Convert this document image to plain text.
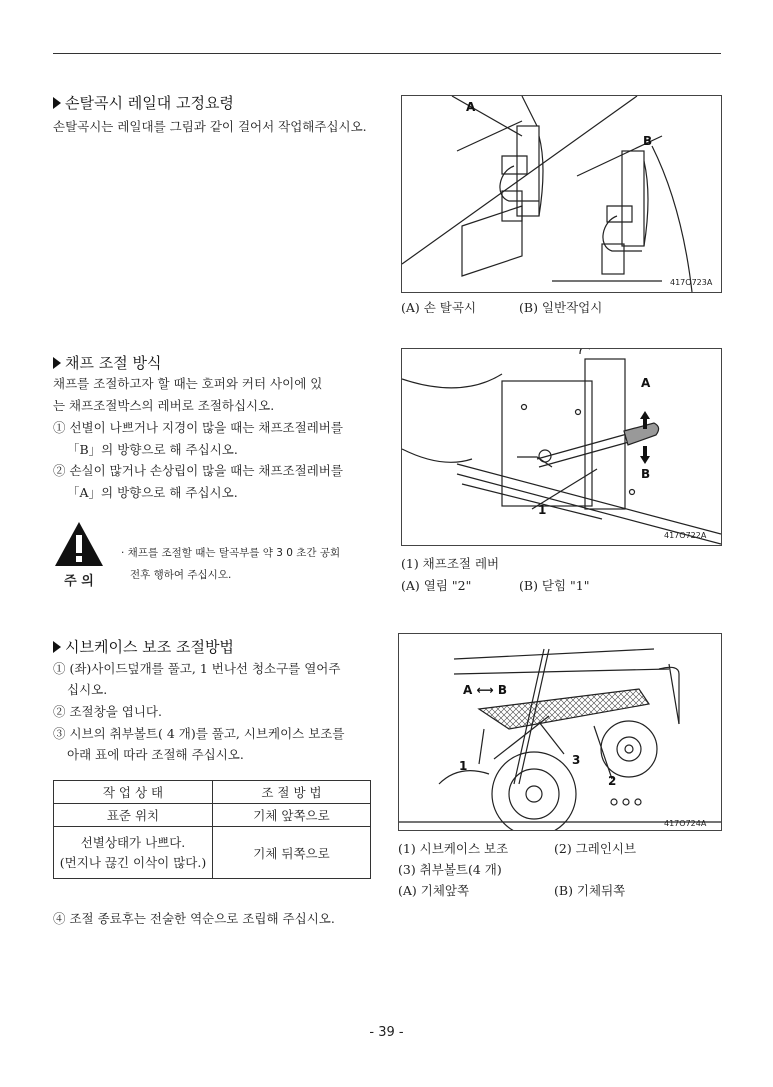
손탈곡시 레일대 고정요령
손탈곡시는 레일대를 그림과 같이 걸어서 작업해주십시오.
A
B
417O723A
(A) 손 탈곡시	(B) 일반작업시
채프 조절 방식
채프를 조절하고자 할 때는 호퍼와 커터 사이에 있
는 채프조절박스의 레버로 조절하십시오.
① 선별이 나쁘거나 지경이 많을 때는 채프조절레버를
「B」의 방향으로 해 주십시오.
② 손실이 많거나 손상립이 많을 때는 채프조절레버를
「A」의 방향으로 해 주십시오.
주 의
· 채프를 조절할 때는 탈곡부를 약 3 0 초간 공회
전후 행하여 주십시오.
A
B
1
417O722A
(1) 채프조절 레버
(A) 열림 "2"	(B) 닫힘 "1"
시브케이스 보조 조절방법
① (좌)사이드덮개를 풀고, 1 번나선 청소구를 열어주
십시오.
② 조절창을 엽니다.
③ 시브의 취부볼트( 4 개)를 풀고, 시브케이스 보조를
아래 표에 따라 조절해 주십시오.
작 업 상 태	조 절 방 법
표준 위치	기체 앞쪽으로
선별상태가 나쁘다.
(먼지나 끊긴 이삭이 많다.)	기체 뒤쪽으로
④ 조절 종료후는 전술한 역순으로 조립해 주십시오.
A ⟷ B
1
2
3
417O724A
(1) 시브케이스 보조	(2) 그레인시브
(3) 취부볼트(4 개)
(A) 기체앞쪽	(B) 기체뒤쪽
- 39 -
